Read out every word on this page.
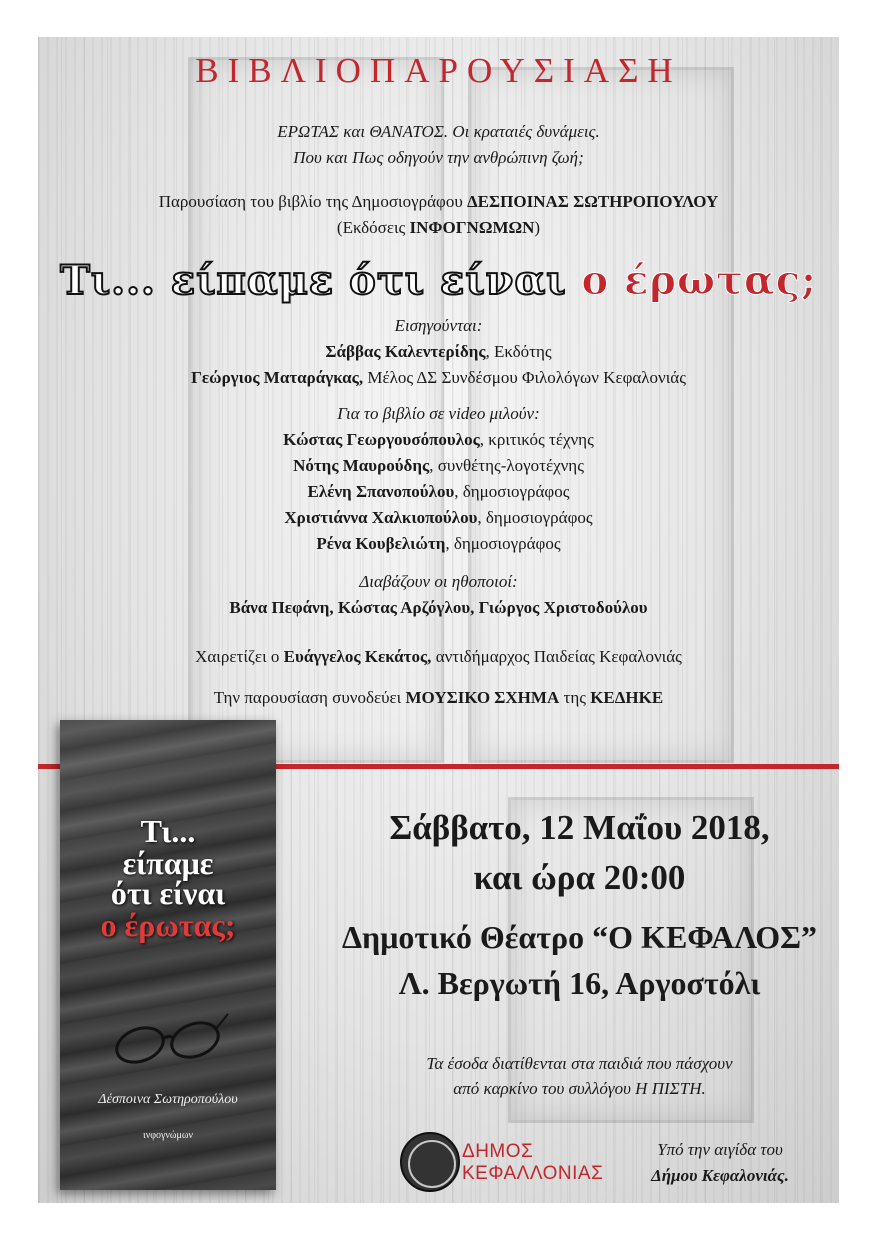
ΒΙΒΛΙΟΠΑΡΟΥΣΙΑΣΗ
ΕΡΩΤΑΣ και ΘΑΝΑΤΟΣ. Οι κραταιές δυνάμεις.
Που και Πως οδηγούν την ανθρώπινη ζωή;
Παρουσίαση του βιβλίο της Δημοσιογράφου ΔΕΣΠΟΙΝΑΣ ΣΩΤΗΡΟΠΟΥΛΟΥ
(Εκδόσεις ΙΝΦΟΓΝΩΜΩΝ)
Τι... είπαμε ότι είναι ο έρωτας;
Εισηγούνται:
Σάββας Καλεντερίδης, Εκδότης
Γεώργιος Ματαράγκας, Μέλος ΔΣ Συνδέσμου Φιλολόγων Κεφαλονιάς
Για το βιβλίο σε video μιλούν:
Κώστας Γεωργουσόπουλος, κριτικός τέχνης
Νότης Μαυρούδης, συνθέτης-λογοτέχνης
Ελένη Σπανοπούλου, δημοσιογράφος
Χριστιάννα Χαλκιοπούλου, δημοσιογράφος
Ρένα Κουβελιώτη, δημοσιογράφος
Διαβάζουν οι ηθοποιοί:
Βάνα Πεφάνη, Κώστας Αρζόγλου, Γιώργος Χριστοδούλου
Χαιρετίζει ο Ευάγγελος Κεκάτος, αντιδήμαρχος Παιδείας Κεφαλονιάς
Την παρουσίαση συνοδεύει ΜΟΥΣΙΚΟ ΣΧΗΜΑ της ΚΕΔΗΚΕ
Τι...
είπαμε
ότι είναι
ο έρωτας;
Δέσποινα Σωτηροπούλου
ινφογνώμων
Σάββατο, 12 Μαΐου 2018,
και ώρα 20:00
Δημοτικό Θέατρο “Ο ΚΕΦΑΛΟΣ”
Λ. Βεργωτή 16, Αργοστόλι
Τα έσοδα διατίθενται στα παιδιά που πάσχουν
από καρκίνο του συλλόγου Η ΠΙΣΤΗ.
ΔΗΜΟΣ
ΚΕΦΑΛΛΟΝΙΑΣ
Υπό την αιγίδα του
Δήμου Κεφαλονιάς.
